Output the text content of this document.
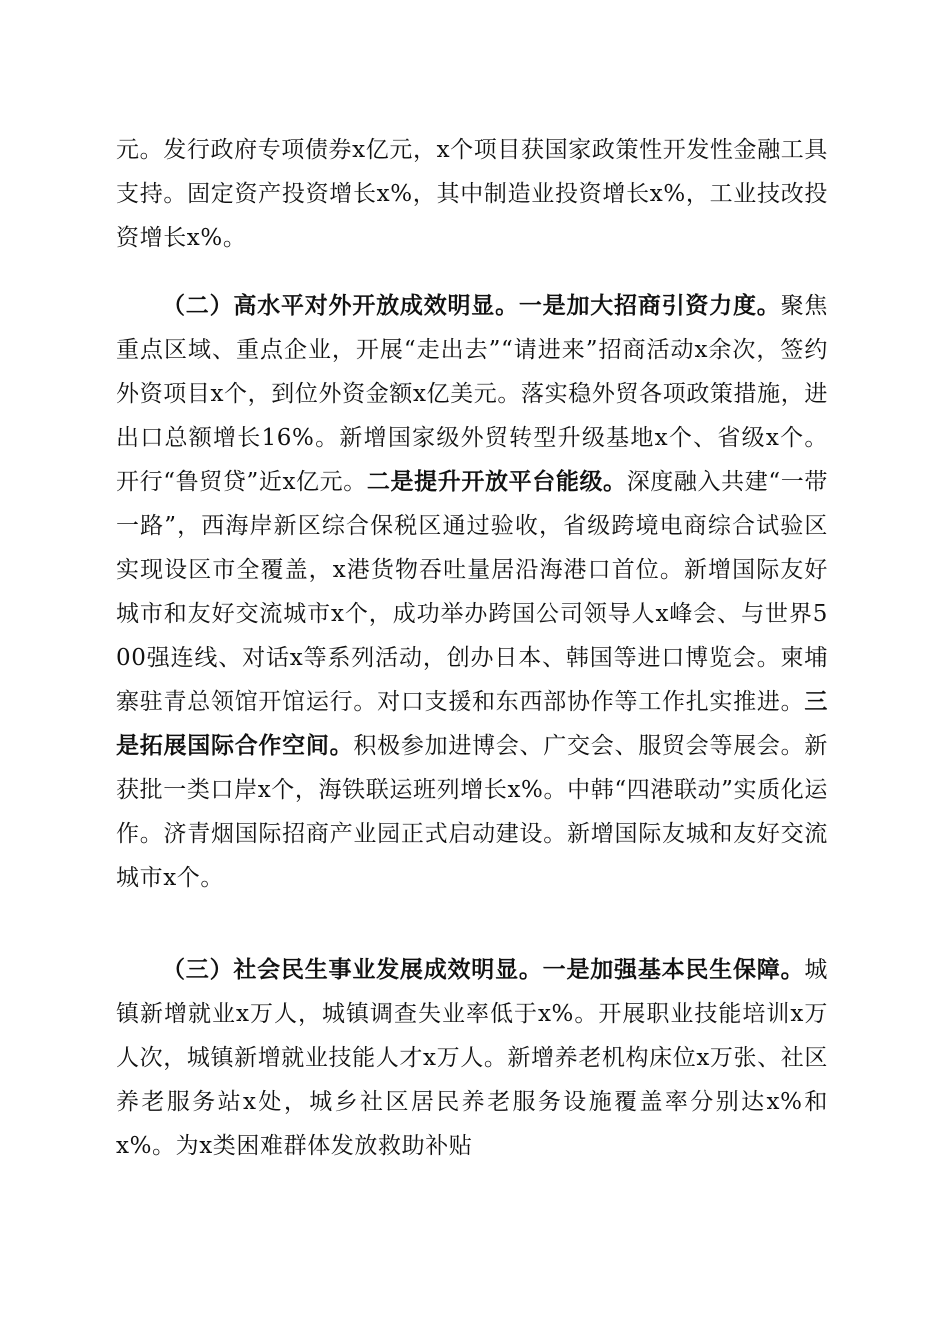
元。发行政府专项债券x亿元，x个项目获国家政策性开发性金融工具支持。固定资产投资增长x%，其中制造业投资增长x%，工业技改投资增长x%。

（二）高水平对外开放成效明显。一是加大招商引资力度。聚焦重点区域、重点企业，开展“走出去”“请进来”招商活动x余次，签约外资项目x个，到位外资金额x亿美元。落实稳外贸各项政策措施，进出口总额增长16%。新增国家级外贸转型升级基地x个、省级x个。开行“鲁贸贷”近x亿元。二是提升开放平台能级。深度融入共建“一带一路”，西海岸新区综合保税区通过验收，省级跨境电商综合试验区实现设区市全覆盖，x港货物吞吐量居沿海港口首位。新增国际友好城市和友好交流城市x个，成功举办跨国公司领导人x峰会、与世界500强连线、对话x等系列活动，创办日本、韩国等进口博览会。柬埔寨驻青总领馆开馆运行。对口支援和东西部协作等工作扎实推进。三是拓展国际合作空间。积极参加进博会、广交会、服贸会等展会。新获批一类口岸x个，海铁联运班列增长x%。中韩“四港联动”实质化运作。济青烟国际招商产业园正式启动建设。新增国际友城和友好交流城市x个。

（三）社会民生事业发展成效明显。一是加强基本民生保障。城镇新增就业x万人，城镇调查失业率低于x%。开展职业技能培训x万人次，城镇新增就业技能人才x万人。新增养老机构床位x万张、社区养老服务站x处，城乡社区居民养老服务设施覆盖率分别达x%和x%。为x类困难群体发放救助补贴
